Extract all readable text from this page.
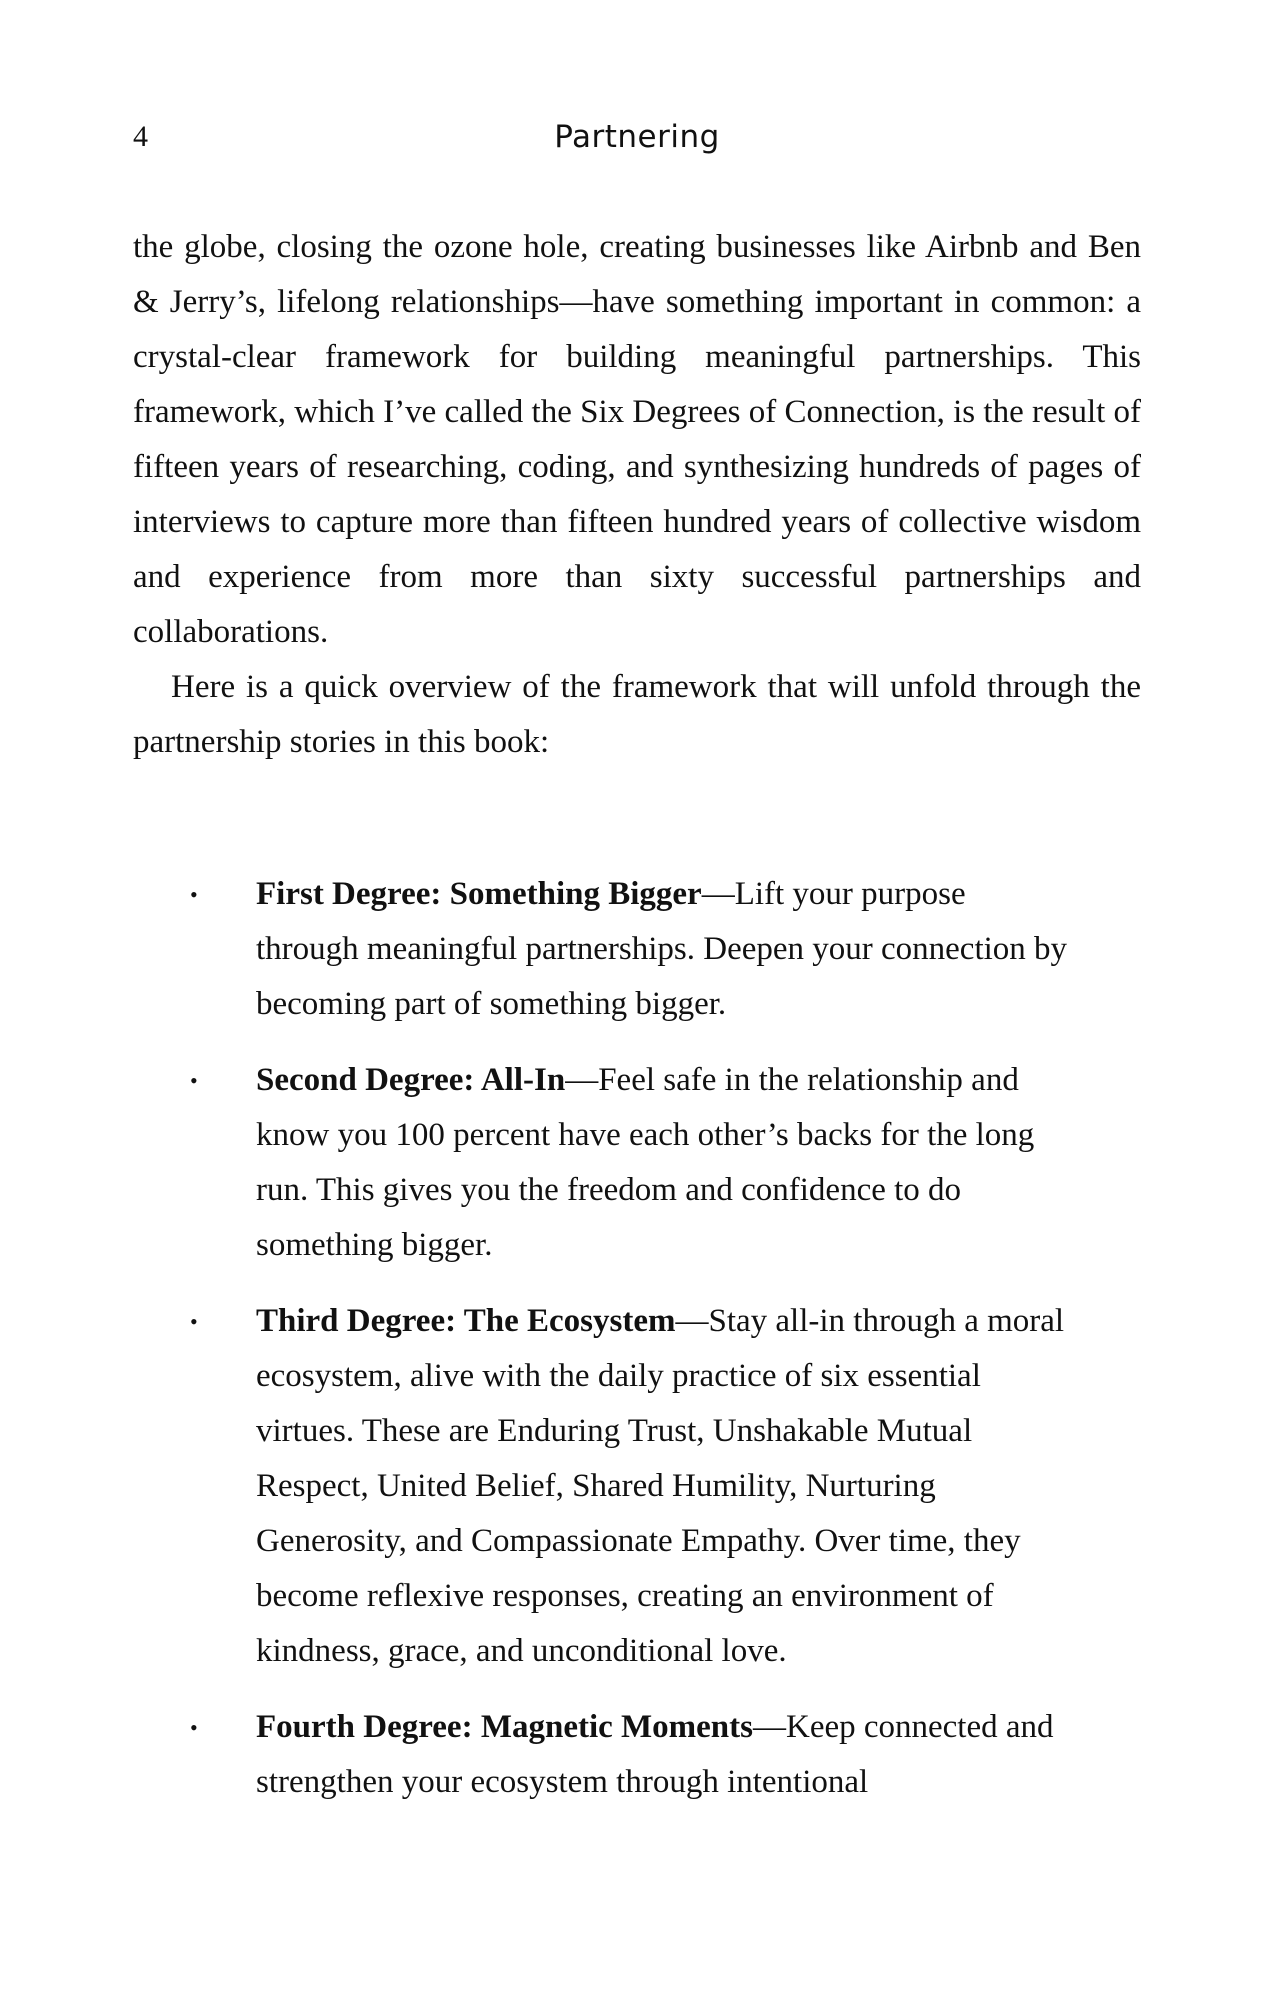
4	Partnering

the globe, closing the ozone hole, creating businesses like Airbnb and Ben & Jerry’s, lifelong relationships—have something important in common: a crystal-clear framework for building meaningful partnerships. This framework, which I’ve called the Six Degrees of Connection, is the result of fifteen years of researching, coding, and synthesizing hundreds of pages of interviews to capture more than fifteen hundred years of collective wisdom and experience from more than sixty successful partnerships and collaborations.

Here is a quick overview of the framework that will unfold through the partnership stories in this book:

• First Degree: Something Bigger—Lift your purpose through meaningful partnerships. Deepen your connection by becoming part of something bigger.
• Second Degree: All-In—Feel safe in the relationship and know you 100 percent have each other’s backs for the long run. This gives you the freedom and confidence to do something bigger.
• Third Degree: The Ecosystem—Stay all-in through a moral ecosystem, alive with the daily practice of six essential virtues. These are Enduring Trust, Unshakable Mutual Respect, United Belief, Shared Humility, Nurturing Generosity, and Compassionate Empathy. Over time, they become reflexive responses, creating an environment of kindness, grace, and unconditional love.
• Fourth Degree: Magnetic Moments—Keep connected and strengthen your ecosystem through intentional
